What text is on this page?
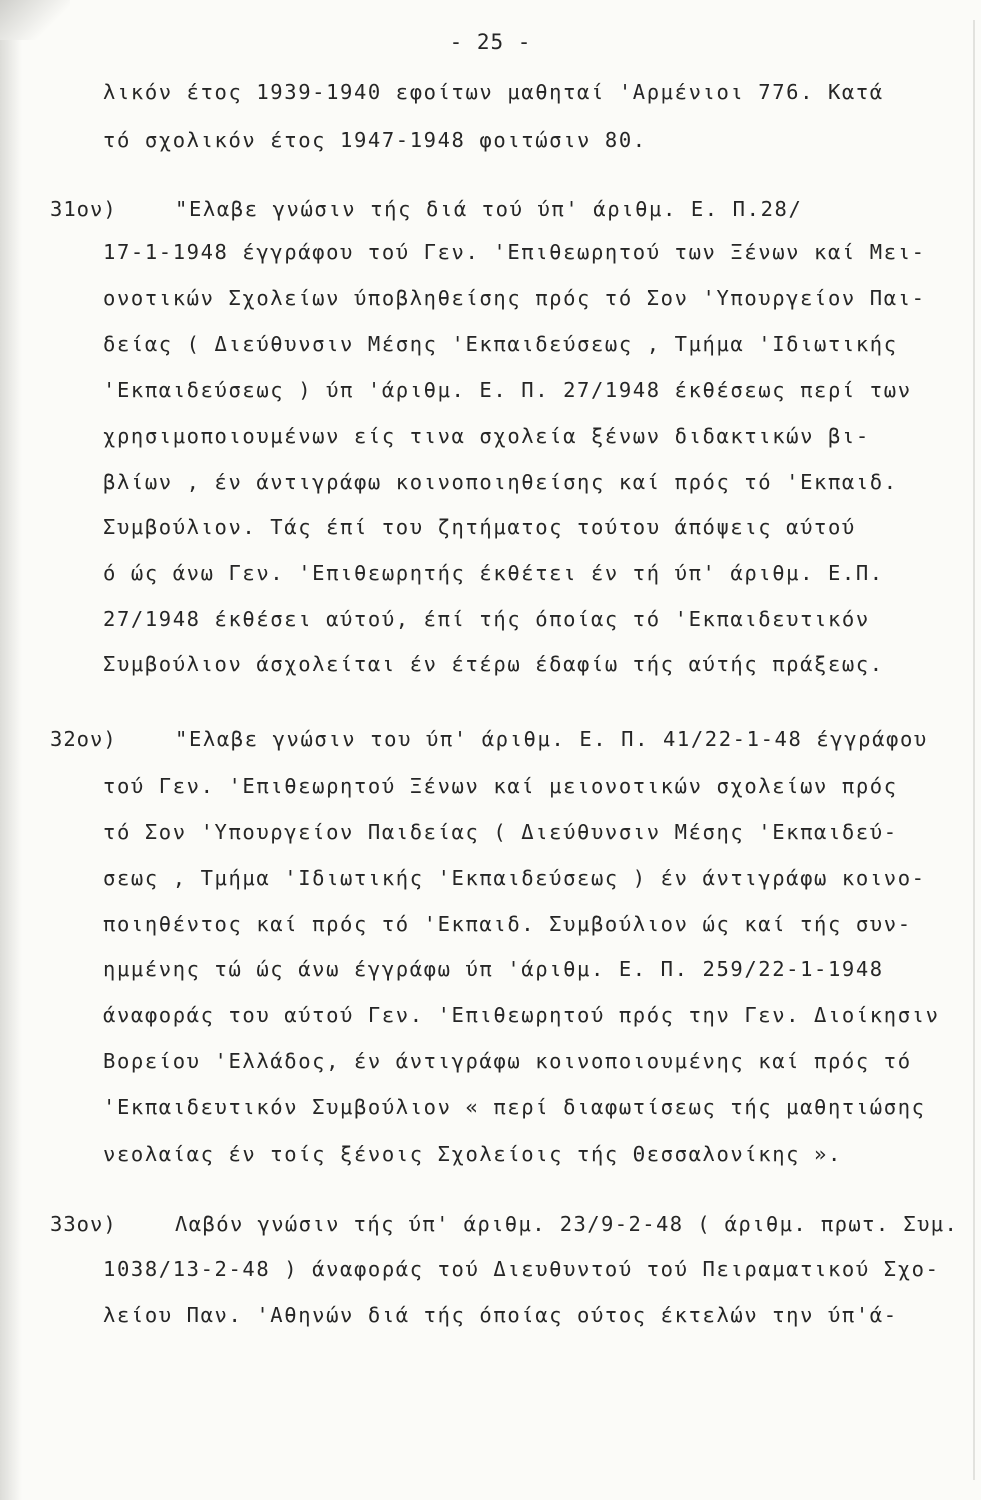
- 25 -
λικόν έτος 1939-1940 εφοίτων μαθηταί 'Αρμένιοι 776. Κατά
τό σχολικόν έτος 1947-1948 φοιτώσιν 80.
31ον)	"Ελαβε γνώσιν τής διά τού ύπ' άριθμ. Ε. Π.28/
17-1-1948 έγγράφου τού Γεν. 'Επιθεωρητού των Ξένων καί Μει-
ονοτικών Σχολείων ύποβληθείσης πρός τό Σον 'Υπουργείον Παι-
δείας ( Διεύθυνσιν Μέσης 'Εκπαιδεύσεως , Τμήμα 'Ιδιωτικής
'Εκπαιδεύσεως ) ύπ 'άριθμ. Ε. Π. 27/1948 έκθέσεως περί των
χρησιμοποιουμένων είς τινα σχολεία ξένων διδακτικών βι-
βλίων , έν άντιγράφω κοινοποιηθείσης καί πρός τό 'Εκπαιδ.
Συμβούλιον. Τάς έπί του ζητήματος τούτου άπόψεις αύτού
ό ώς άνω Γεν. 'Επιθεωρητής έκθέτει έν τή ύπ' άριθμ. Ε.Π.
27/1948 έκθέσει αύτού, έπί τής όποίας τό 'Εκπαιδευτικόν
Συμβούλιον άσχολείται έν έτέρω έδαφίω τής αύτής πράξεως.
32ον)	"Ελαβε γνώσιν του ύπ' άριθμ. Ε. Π. 41/22-1-48 έγγράφου
τού Γεν. 'Επιθεωρητού Ξένων καί μειονοτικών σχολείων πρός
τό Σον 'Υπουργείον Παιδείας ( Διεύθυνσιν Μέσης 'Εκπαιδεύ-
σεως , Τμήμα 'Ιδιωτικής 'Εκπαιδεύσεως ) έν άντιγράφω κοινο-
ποιηθέντος καί πρός τό 'Εκπαιδ. Συμβούλιον ώς καί τής συν-
ημμένης τώ ώς άνω έγγράφω ύπ 'άριθμ. Ε. Π. 259/22-1-1948
άναφοράς του αύτού Γεν. 'Επιθεωρητού πρός την Γεν. Διοίκησιν
Βορείου 'Ελλάδος, έν άντιγράφω κοινοποιουμένης καί πρός τό
'Εκπαιδευτικόν Συμβούλιον « περί διαφωτίσεως τής μαθητιώσης
νεολαίας έν τοίς ξένοις Σχολείοις τής Θεσσαλονίκης ».
33ον)	Λαβόν γνώσιν τής ύπ' άριθμ. 23/9-2-48 ( άριθμ. πρωτ. Συμ.
1038/13-2-48 ) άναφοράς τού Διευθυντού τού Πειραματικού Σχο-
λείου Παν. 'Αθηνών διά τής όποίας ούτος έκτελών την ύπ'ά-
